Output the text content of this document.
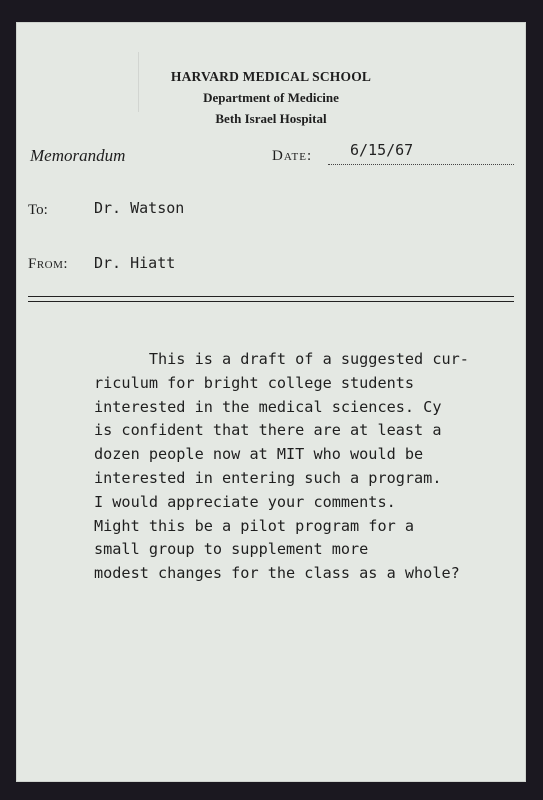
HARVARD MEDICAL SCHOOL
Department of Medicine
Beth Israel Hospital
Memorandum	Date:	6/15/67
To:	Dr. Watson
From: Dr. Hiatt
This is a draft of a suggested cur-
riculum for bright college students
interested in the medical sciences. Cy
is confident that there are at least a
dozen people now at MIT who would be
interested in entering such a program.
I would appreciate your comments.
Might this be a pilot program for a
small group to supplement more
modest changes for the class as a whole?
